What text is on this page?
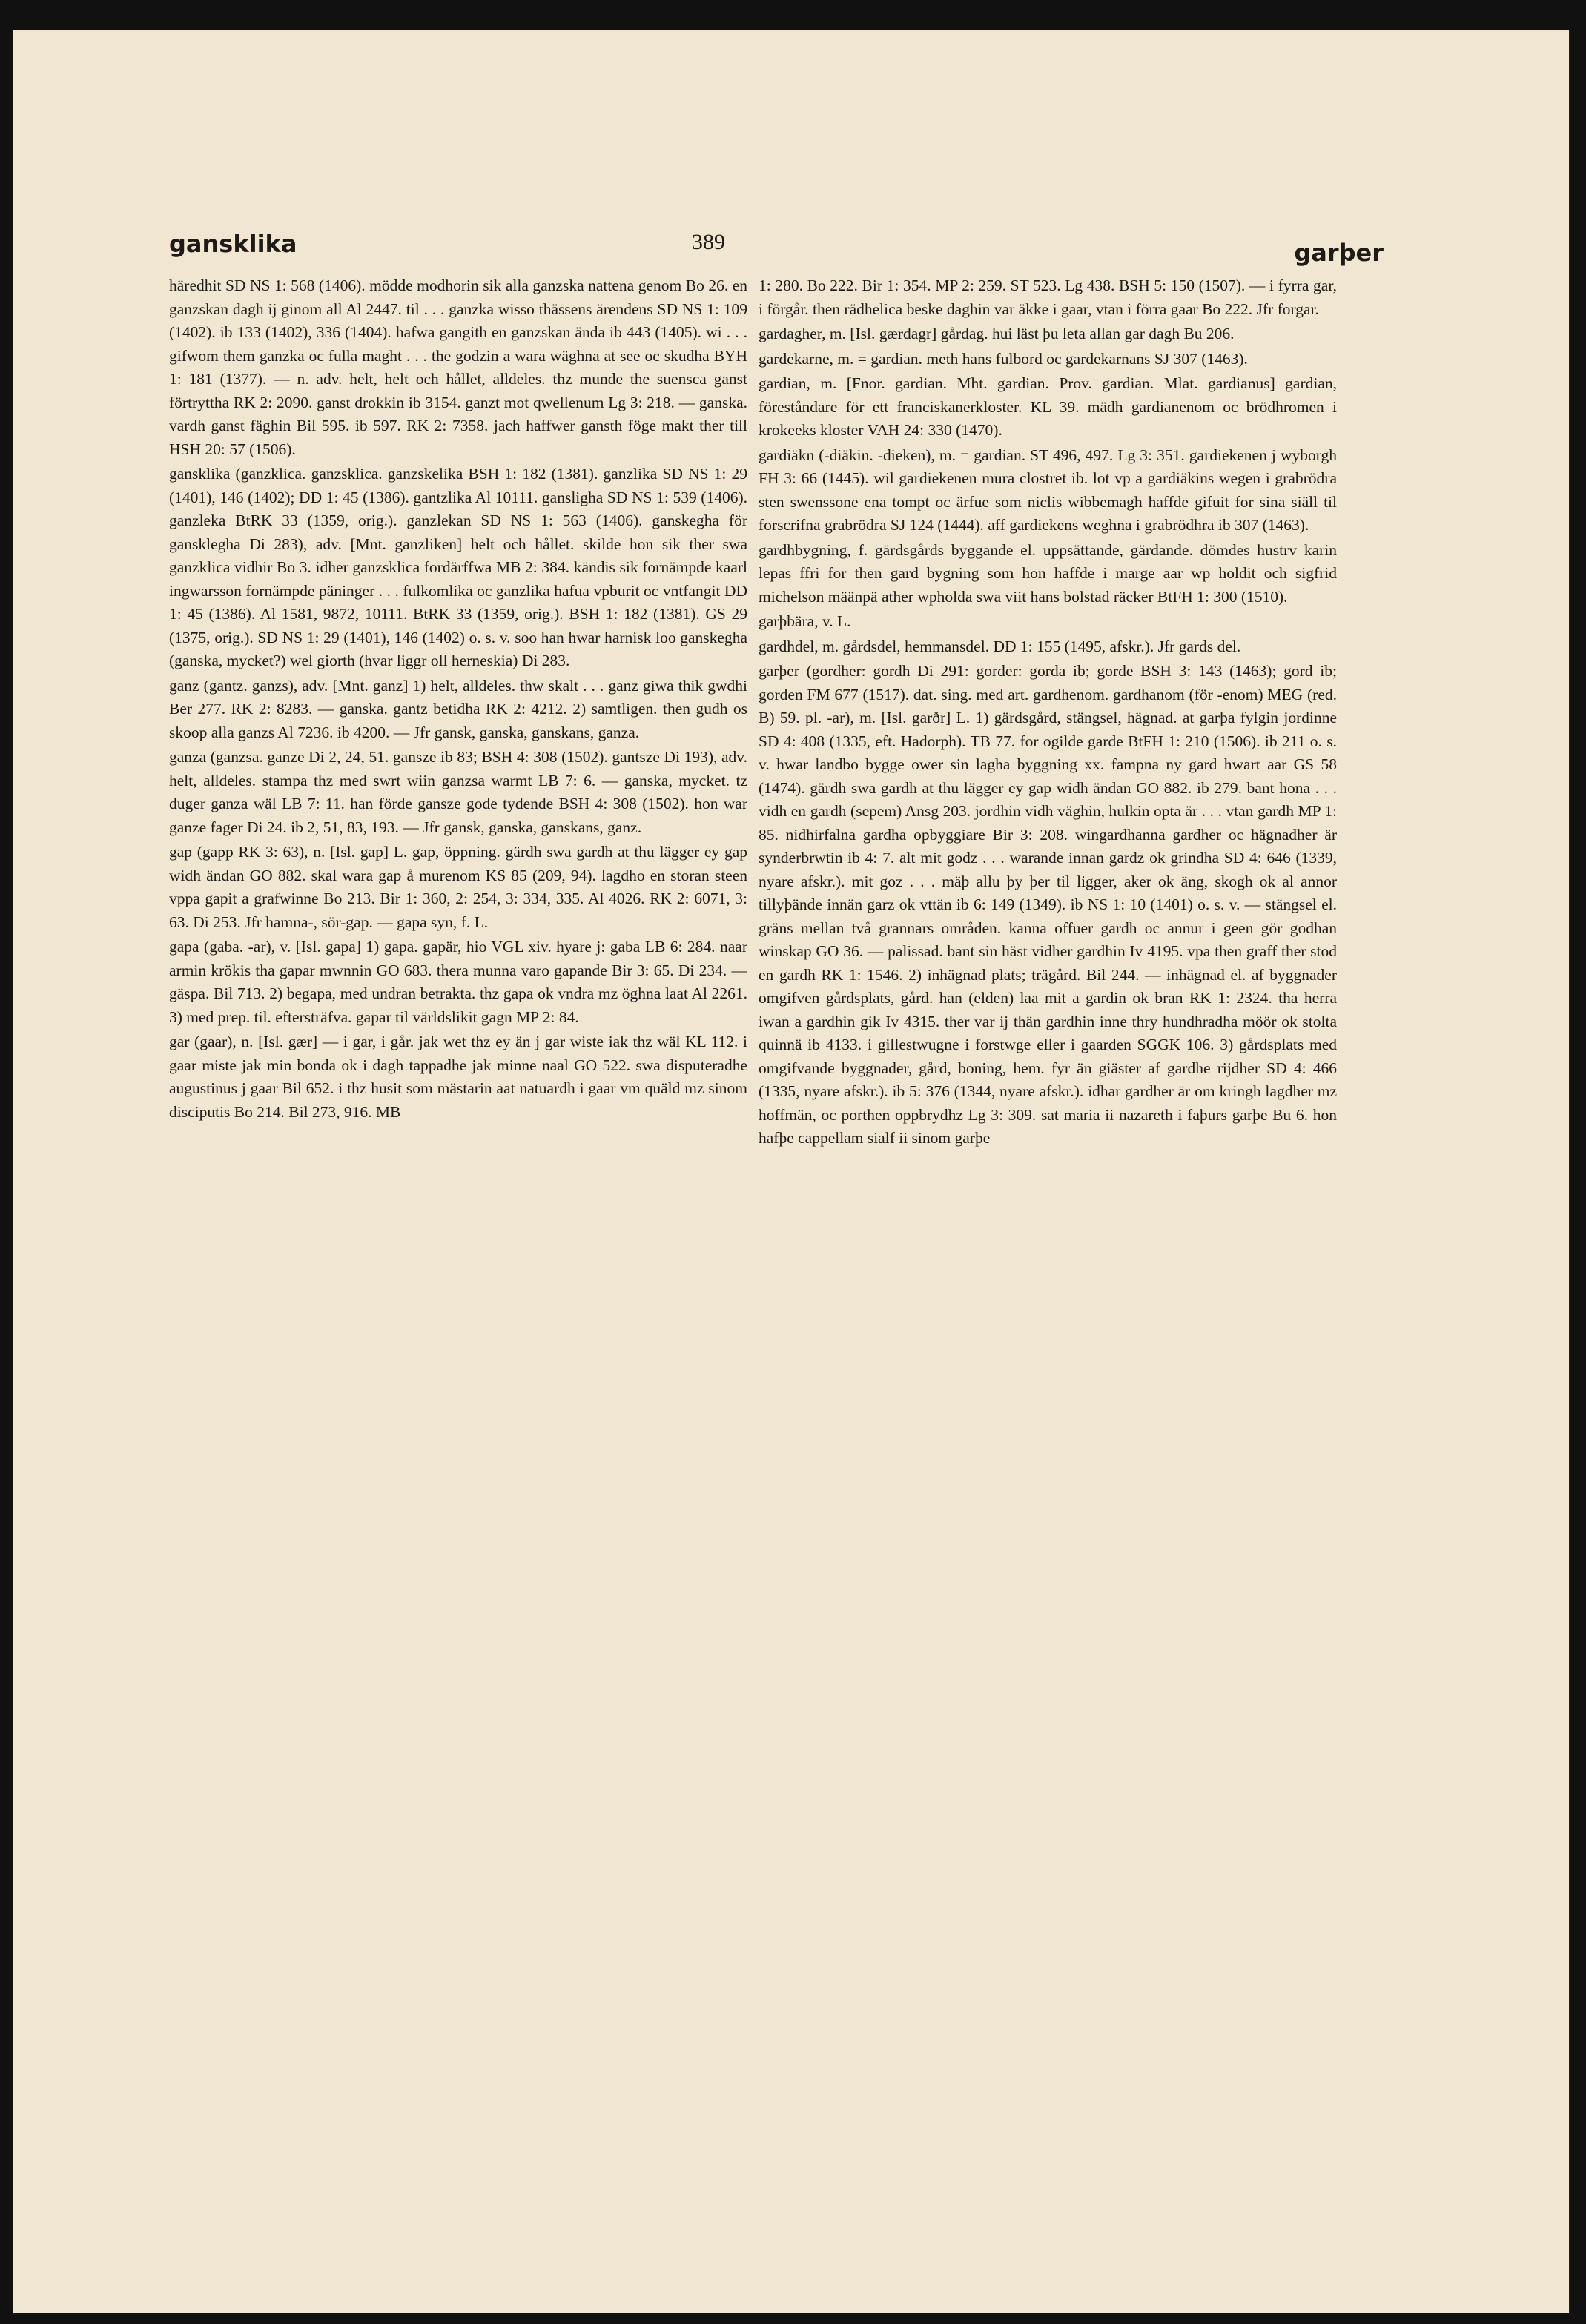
gansklika	389	garþer

häredhit SD NS 1: 568 (1406). mödde modhorin sik alla ganzska nattena genom Bo 26. en ganzskan dagh ij ginom all Al 2447. til . . . ganzka wisso thässens ärendens SD NS 1: 109 (1402). ib 133 (1402), 336 (1404). hafwa gangith en ganzskan ända ib 443 (1405). wi . . . gifwom them ganzka oc fulla maght . . . the godzin a wara wäghna at see oc skudha BYH 1: 181 (1377). — n. adv. helt, helt och hållet, alldeles. thz munde the suensca ganst förtryttha RK 2: 2090. ganst drokkin ib 3154. ganzt mot qwellenum Lg 3: 218. — ganska. vardh ganst fäghin Bil 595. ib 597. RK 2: 7358. jach haffwer gansth föge makt ther till HSH 20: 57 (1506).

gansklika (ganzklica. ganzsklica. ganzskelika BSH 1: 182 (1381). ganzlika SD NS 1: 29 (1401), 146 (1402); DD 1: 45 (1386). gantzlika Al 10111. gansligha SD NS 1: 539 (1406). ganzleka BtRK 33 (1359, orig.). ganzlekan SD NS 1: 563 (1406). ganskegha för gansklegha Di 283), adv. [Mnt. ganzliken] helt och hållet. skilde hon sik ther swa ganzklica vidhir Bo 3. idher ganzsklica fordärffwa MB 2: 384. kändis sik fornämpde kaarl ingwarsson fornämpde päninger . . . fulkomlika oc ganzlika hafua vpburit oc vntfangit DD 1: 45 (1386). Al 1581, 9872, 10111. BtRK 33 (1359, orig.). BSH 1: 182 (1381). GS 29 (1375, orig.). SD NS 1: 29 (1401), 146 (1402) o. s. v. soo han hwar harnisk loo ganskegha (ganska, mycket?) wel giorth (hvar liggr oll herneskia) Di 283.

ganz (gantz. ganzs), adv. [Mnt. ganz] 1) helt, alldeles. thw skalt . . . ganz giwa thik gwdhi Ber 277. RK 2: 8283. — ganska. gantz betidha RK 2: 4212. 2) samtligen. then gudh os skoop alla ganzs Al 7236. ib 4200. — Jfr gansk, ganska, ganskans, ganza.

ganza (ganzsa. ganze Di 2, 24, 51. gansze ib 83; BSH 4: 308 (1502). gantsze Di 193), adv. helt, alldeles. stampa thz med swrt wiin ganzsa warmt LB 7: 6. — ganska, mycket. tz duger ganza wäl LB 7: 11. han förde gansze gode tydende BSH 4: 308 (1502). hon war ganze fager Di 24. ib 2, 51, 83, 193. — Jfr gansk, ganska, ganskans, ganz.

gap (gapp RK 3: 63), n. [Isl. gap] L. gap, öppning. gärdh swa gardh at thu lägger ey gap widh ändan GO 882. skal wara gap å murenom KS 85 (209, 94). lagdho en storan steen vppa gapit a grafwinne Bo 213. Bir 1: 360, 2: 254, 3: 334, 335. Al 4026. RK 2: 6071, 3: 63. Di 253. Jfr hamna-, sör-gap. — gapa syn, f. L.

gapa (gaba. -ar), v. [Isl. gapa] 1) gapa. gapär, hio VGL xiv. hyare j: gaba LB 6: 284. naar armin krökis tha gapar mwnnin GO 683. thera munna varo gapande Bir 3: 65. Di 234. — gäspa. Bil 713. 2) begapa, med undran betrakta. thz gapa ok vndra mz öghna laat Al 2261. 3) med prep. til. eftersträfva. gapar til världslikit gagn MP 2: 84.

gar (gaar), n. [Isl. gær] — i gar, i går. jak wet thz ey än j gar wiste iak thz wäl KL 112. i gaar miste jak min bonda ok i dagh tappadhe jak minne naal GO 522. swa disputeradhe augustinus j gaar Bil 652. i thz husit som mästarin aat natuardh i gaar vm quäld mz sinom disciputis Bo 214. Bil 273, 916. MB

1: 280. Bo 222. Bir 1: 354. MP 2: 259. ST 523. Lg 438. BSH 5: 150 (1507). — i fyrra gar, i förgår. then rädhelica beske daghin var äkke i gaar, vtan i förra gaar Bo 222. Jfr forgar.

gardagher, m. [Isl. gærdagr] gårdag. hui läst þu leta allan gar dagh Bu 206.

gardekarne, m. = gardian. meth hans fulbord oc gardekarnans SJ 307 (1463).

gardian, m. [Fnor. gardian. Mht. gardian. Prov. gardian. Mlat. gardianus] gardian, föreståndare för ett franciskanerkloster. KL 39. mädh gardianenom oc brödhromen i krokeeks kloster VAH 24: 330 (1470).

gardiäkn (-diäkin. -dieken), m. = gardian. ST 496, 497. Lg 3: 351. gardiekenen j wyborgh FH 3: 66 (1445). wil gardiekenen mura clostret ib. lot vp a gardiäkins wegen i grabrödra sten swenssone ena tompt oc ärfue som niclis wibbemagh haffde gifuit for sina siäll til forscrifna grabrödra SJ 124 (1444). aff gardiekens weghna i grabrödhra ib 307 (1463).

gardhbygning, f. gärdsgårds byggande el. uppsättande, gärdande. dömdes hustrv karin lepas ffri for then gard bygning som hon haffde i marge aar wp holdit och sigfrid michelson määnpä ather wpholda swa viit hans bolstad räcker BtFH 1: 300 (1510).

garþbära, v. L.

gardhdel, m. gårdsdel, hemmansdel. DD 1: 155 (1495, afskr.). Jfr gards del.

garþer (gordher: gordh Di 291: gorder: gorda ib; gorde BSH 3: 143 (1463); gord ib; gorden FM 677 (1517). dat. sing. med art. gardhenom. gardhanom (för -enom) MEG (red. B) 59. pl. -ar), m. [Isl. garðr] L. 1) gärdsgård, stängsel, hägnad. at garþa fylgin jordinne SD 4: 408 (1335, eft. Hadorph). TB 77. for ogilde garde BtFH 1: 210 (1506). ib 211 o. s. v. hwar landbo bygge ower sin lagha byggning xx. fampna ny gard hwart aar GS 58 (1474). gärdh swa gardh at thu lägger ey gap widh ändan GO 882. ib 279. bant hona . . . vidh en gardh (sepem) Ansg 203. jordhin vidh väghin, hulkin opta är . . . vtan gardh MP 1: 85. nidhirfalna gardha opbyggiare Bir 3: 208. wingardhanna gardher oc hägnadher är synderbrwtin ib 4: 7. alt mit godz . . . warande innan gardz ok grindha SD 4: 646 (1339, nyare afskr.). mit goz . . . mäþ allu þy þer til ligger, aker ok äng, skogh ok al annor tillyþände innän garz ok vttän ib 6: 149 (1349). ib NS 1: 10 (1401) o. s. v. — stängsel el. gräns mellan två grannars områden. kanna offuer gardh oc annur i geen gör godhan winskap GO 36. — palissad. bant sin häst vidher gardhin Iv 4195. vpa then graff ther stod en gardh RK 1: 1546. 2) inhägnad plats; trägård. Bil 244. — inhägnad el. af byggnader omgifven gårdsplats, gård. han (elden) laa mit a gardin ok bran RK 1: 2324. tha herra iwan a gardhin gik Iv 4315. ther var ij thän gardhin inne thry hundhradha möör ok stolta quinnä ib 4133. i gillestwugne i forstwge eller i gaarden SGGK 106. 3) gårdsplats med omgifvande byggnader, gård, boning, hem. fyr än giäster af gardhe rijdher SD 4: 466 (1335, nyare afskr.). ib 5: 376 (1344, nyare afskr.). idhar gardher är om kringh lagdher mz hoffmän, oc porthen oppbrydhz Lg 3: 309. sat maria ii nazareth i faþurs garþe Bu 6. hon hafþe cappellam sialf ii sinom garþe
